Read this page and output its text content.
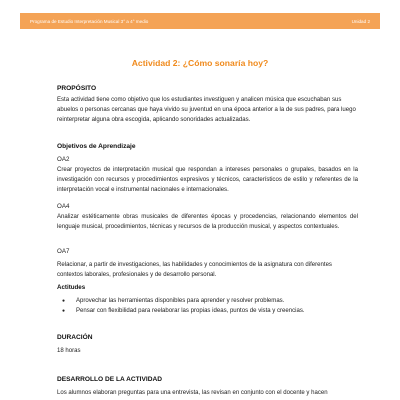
Programa de Estudio Interpretación Musical 3° a 4° medio	Unidad 2
Actividad 2: ¿Cómo sonaría hoy?
PROPÓSITO
Esta actividad tiene como objetivo que los estudiantes investiguen y analicen música que escuchaban sus abuelos o personas cercanas que haya vivido su juventud en una época anterior a la de sus padres, para luego reinterpretar alguna obra escogida, aplicando sonoridades actualizadas.
Objetivos de Aprendizaje
OA2
Crear proyectos de interpretación musical que respondan a intereses personales o grupales, basados en la investigación con recursos y procedimientos expresivos y técnicos, característicos de estilo y referentes de la interpretación vocal e instrumental nacionales e internacionales.
OA4
Analizar estéticamente obras musicales de diferentes épocas y procedencias, relacionando elementos del lenguaje musical, procedimientos, técnicas y recursos de la producción musical, y aspectos contextuales.
OA7
Relacionar, a partir de investigaciones, las habilidades y conocimientos de la asignatura con diferentes contextos laborales, profesionales y de desarrollo personal.
Actitudes
●	Aprovechar las herramientas disponibles para aprender y resolver problemas.
●	Pensar con flexibilidad para reelaborar las propias ideas, puntos de vista y creencias.
DURACIÓN
18 horas
DESARROLLO DE LA ACTIVIDAD
Los alumnos elaboran preguntas para una entrevista, las revisan en conjunto con el docente y hacen
